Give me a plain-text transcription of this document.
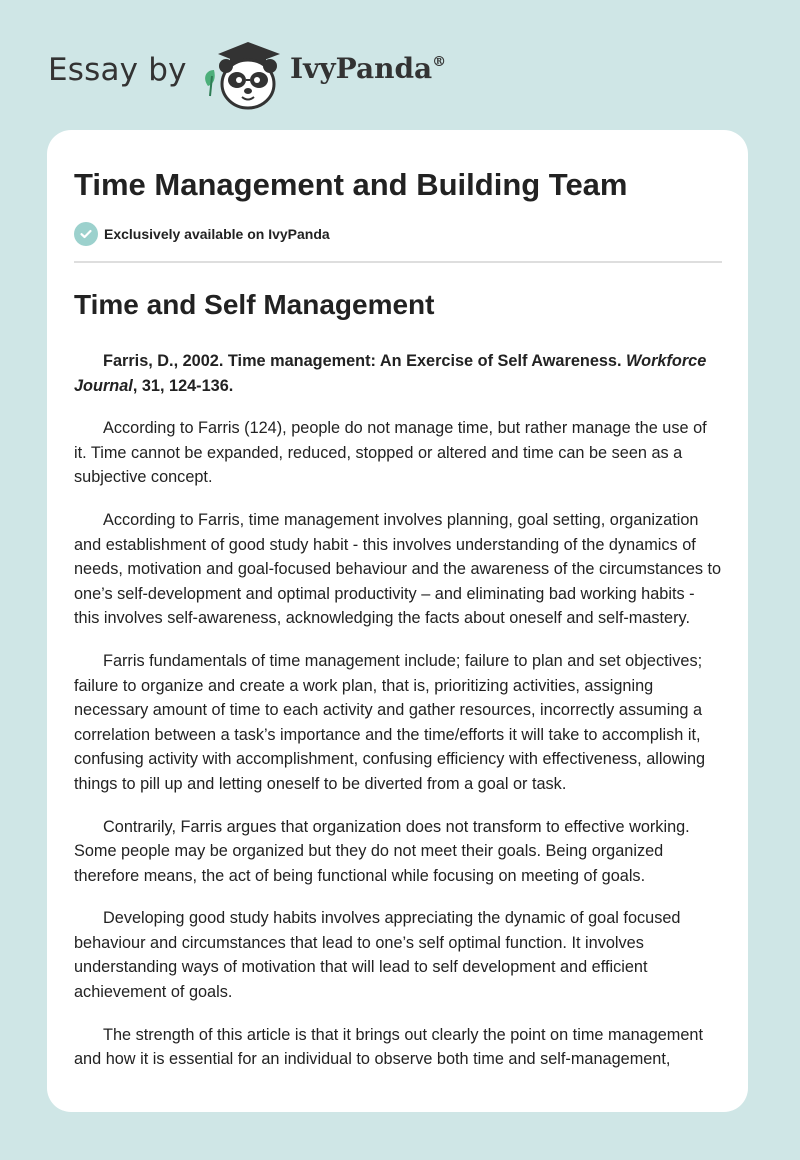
Essay by	IvyPanda®
Time Management and Building Team
Exclusively available on IvyPanda
Time and Self Management

Farris, D., 2002. Time management: An Exercise of Self Awareness. Workforce Journal, 31, 124-136.

According to Farris (124), people do not manage time, but rather manage the use of it. Time cannot be expanded, reduced, stopped or altered and time can be seen as a subjective concept.

According to Farris, time management involves planning, goal setting, organization and establishment of good study habit - this involves understanding of the dynamics of needs, motivation and goal-focused behaviour and the awareness of the circumstances to one’s self-development and optimal productivity – and eliminating bad working habits - this involves self-awareness, acknowledging the facts about oneself and self-mastery.

Farris fundamentals of time management include; failure to plan and set objectives; failure to organize and create a work plan, that is, prioritizing activities, assigning necessary amount of time to each activity and gather resources, incorrectly assuming a correlation between a task’s importance and the time/efforts it will take to accomplish it, confusing activity with accomplishment, confusing efficiency with effectiveness, allowing things to pill up and letting oneself to be diverted from a goal or task.

Contrarily, Farris argues that organization does not transform to effective working. Some people may be organized but they do not meet their goals. Being organized therefore means, the act of being functional while focusing on meeting of goals.

Developing good study habits involves appreciating the dynamic of goal focused behaviour and circumstances that lead to one’s self optimal function. It involves understanding ways of motivation that will lead to self development and efficient achievement of goals.

The strength of this article is that it brings out clearly the point on time management and how it is essential for an individual to observe both time and self-management,
